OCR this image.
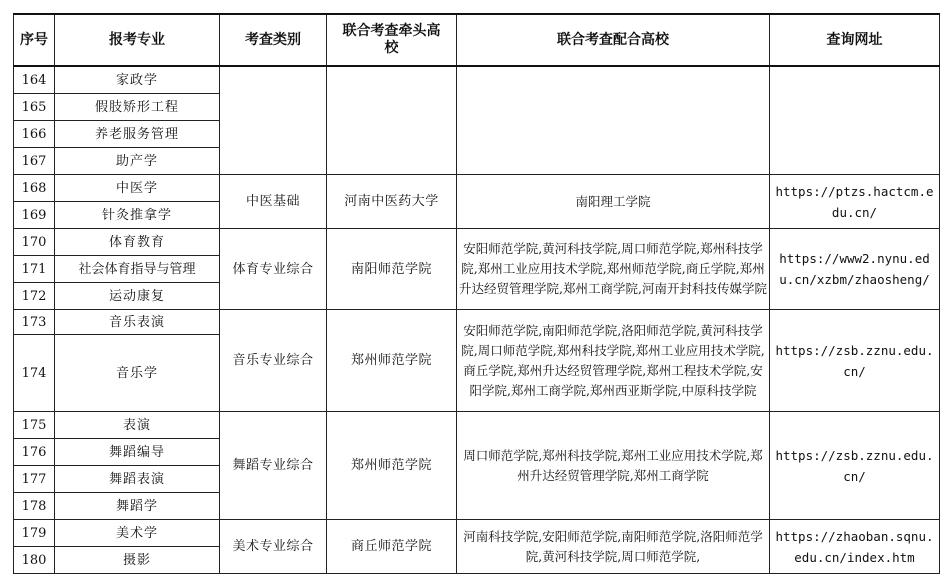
序号	报考专业	考查类别	联合考查牵头高校	联合考查配合高校	查询网址
164	家政学				
165	假肢矫形工程				
166	养老服务管理				
167	助产学				
168	中医学	中医基础	河南中医药大学	南阳理工学院	https://ptzs.hactcm.edu.cn/
169	针灸推拿学				
170	体育教育	体育专业综合	南阳师范学院	安阳师范学院,黄河科技学院,周口师范学院,郑州科技学院,郑州工业应用技术学院,郑州师范学院,商丘学院,郑州升达经贸管理学院,郑州工商学院,河南开封科技传媒学院	https://www2.nynu.edu.cn/xzbm/zhaosheng/
171	社会体育指导与管理				
172	运动康复				
173	音乐表演	音乐专业综合	郑州师范学院	安阳师范学院,南阳师范学院,洛阳师范学院,黄河科技学院,周口师范学院,郑州科技学院,郑州工业应用技术学院,商丘学院,郑州升达经贸管理学院,郑州工程技术学院,安阳学院,郑州工商学院,郑州西亚斯学院,中原科技学院	https://zsb.zznu.edu.cn/
174	音乐学				
175	表演	舞蹈专业综合	郑州师范学院	周口师范学院,郑州科技学院,郑州工业应用技术学院,郑州升达经贸管理学院,郑州工商学院	https://zsb.zznu.edu.cn/
176	舞蹈编导				
177	舞蹈表演				
178	舞蹈学				
179	美术学	美术专业综合	商丘师范学院	河南科技学院,安阳师范学院,南阳师范学院,洛阳师范学院,黄河科技学院,周口师范学院,	https://zhaoban.sqnu.edu.cn/index.htm
180	摄影				
